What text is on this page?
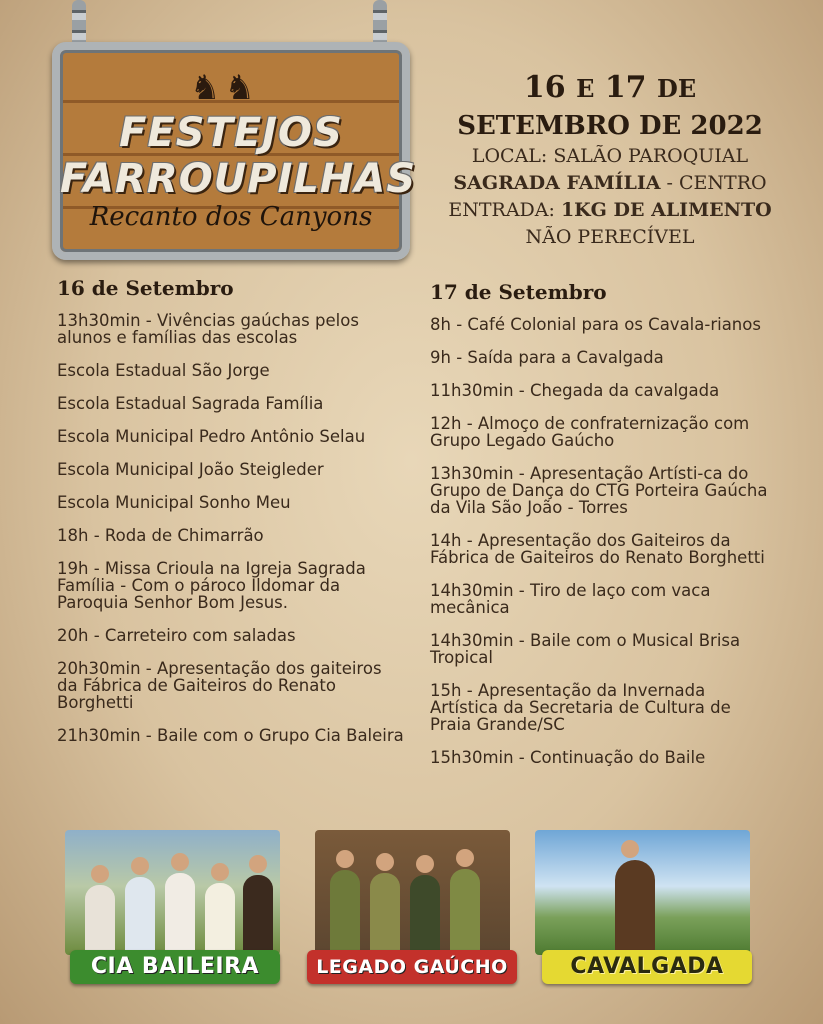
♞♞
FESTEJOS
FARROUPILHAS
Recanto dos Canyons
16 E 17 DE
SETEMBRO DE 2022
LOCAL: SALÃO PAROQUIAL
SAGRADA FAMÍLIA - CENTRO
ENTRADA: 1KG DE ALIMENTO
NÃO PERECÍVEL
16 de Setembro
13h30min - Vivências gaúchas pelos alunos e famílias das escolas
Escola Estadual São Jorge
Escola Estadual Sagrada Família
Escola Municipal Pedro Antônio Selau
Escola Municipal João Steigleder
Escola Municipal Sonho Meu
18h - Roda de Chimarrão
19h - Missa Crioula na Igreja Sagrada Família - Com o pároco Ildomar da Paroquia Senhor Bom Jesus.
20h - Carreteiro com saladas
20h30min - Apresentação dos gaiteiros da Fábrica de Gaiteiros do Renato Borghetti
21h30min - Baile com o Grupo Cia Baleira
17 de Setembro
8h - Café Colonial para os Cavala-rianos
9h - Saída para a Cavalgada
11h30min - Chegada da cavalgada
12h - Almoço de confraternização com Grupo Legado Gaúcho
13h30min - Apresentação Artísti-ca do Grupo de Dança do CTG Porteira Gaúcha da Vila São João - Torres
14h - Apresentação dos Gaiteiros da Fábrica de Gaiteiros do Renato Borghetti
14h30min - Tiro de laço com vaca mecânica
14h30min - Baile com o Musical Brisa Tropical
15h - Apresentação da Invernada Artística da Secretaria de Cultura de Praia Grande/SC
15h30min - Continuação do Baile
CIA BAILEIRA	LEGADO GAÚCHO	CAVALGADA
